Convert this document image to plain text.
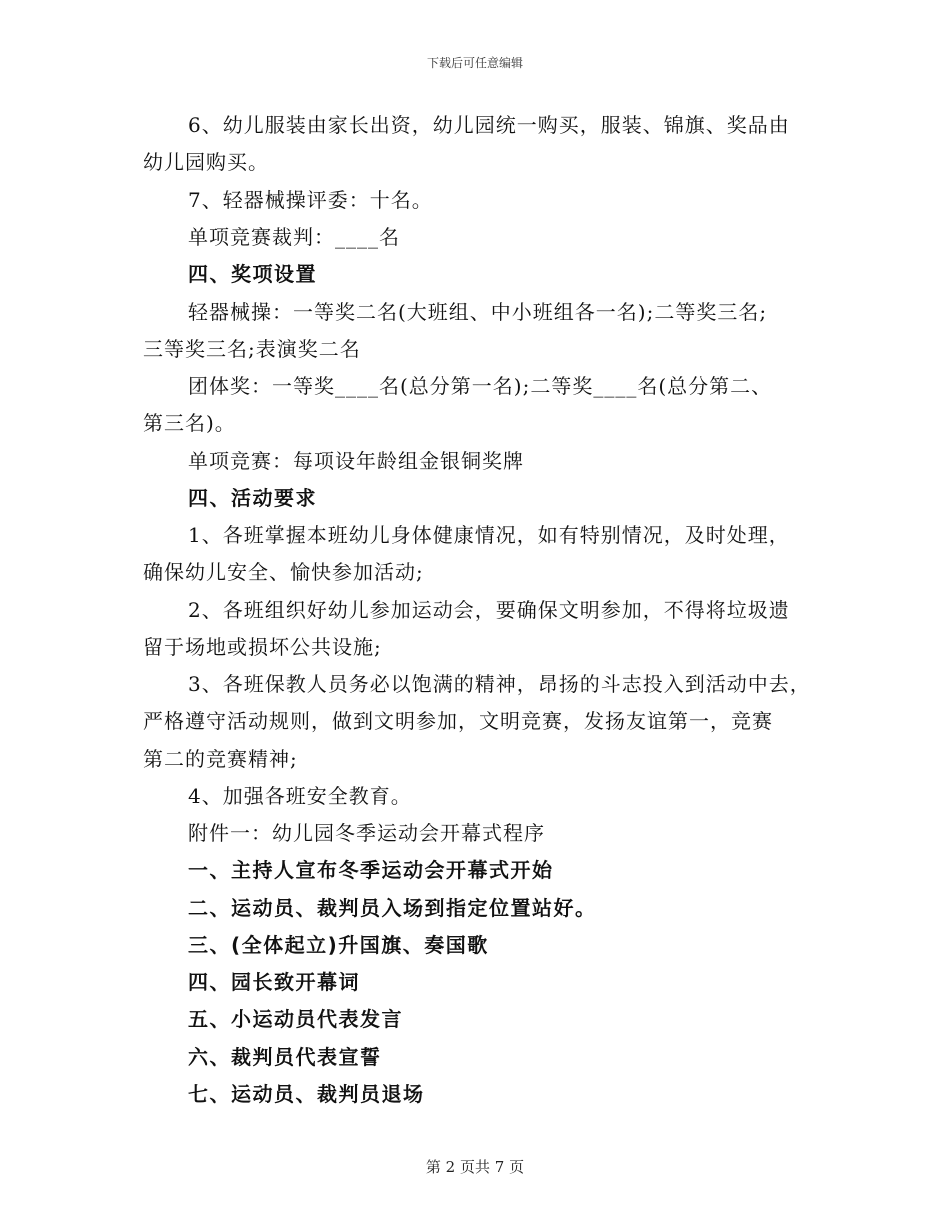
下载后可任意编辑
6、幼儿服装由家长出资，幼儿园统一购买，服装、锦旗、奖品由
幼儿园购买。
7、轻器械操评委：十名。
单项竞赛裁判：____名
四、奖项设置
轻器械操：一等奖二名(大班组、中小班组各一名);二等奖三名;
三等奖三名;表演奖二名
团体奖：一等奖____名(总分第一名);二等奖____名(总分第二、
第三名)。
单项竞赛：每项设年龄组金银铜奖牌
四、活动要求
1、各班掌握本班幼儿身体健康情况，如有特别情况，及时处理，
确保幼儿安全、愉快参加活动;
2、各班组织好幼儿参加运动会，要确保文明参加，不得将垃圾遗
留于场地或损坏公共设施;
3、各班保教人员务必以饱满的精神，昂扬的斗志投入到活动中去，
严格遵守活动规则，做到文明参加，文明竞赛，发扬友谊第一，竞赛
第二的竞赛精神;
4、加强各班安全教育。
附件一：幼儿园冬季运动会开幕式程序
一、主持人宣布冬季运动会开幕式开始
二、运动员、裁判员入场到指定位置站好。
三、(全体起立)升国旗、奏国歌
四、园长致开幕词
五、小运动员代表发言
六、裁判员代表宣誓
七、运动员、裁判员退场
第 2 页共 7 页
